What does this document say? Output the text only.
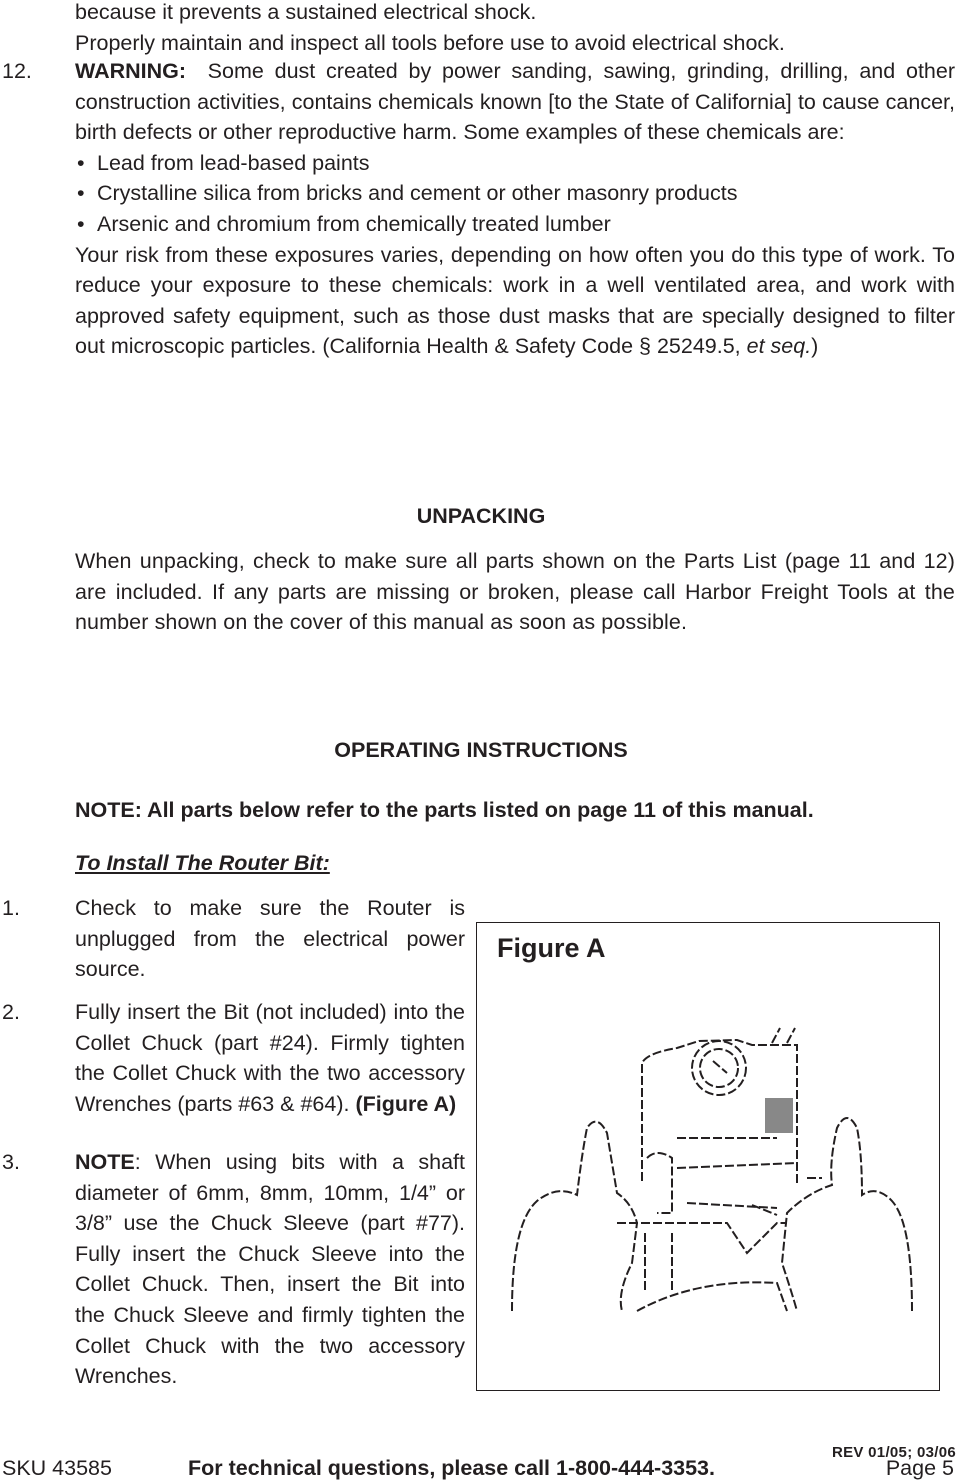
because it prevents a sustained electrical shock.
Properly maintain and inspect all tools before use to avoid electrical shock.
12. WARNING: Some dust created by power sanding, sawing, grinding, drilling, and other construction activities, contains chemicals known [to the State of California] to cause cancer, birth defects or other reproductive harm. Some examples of these chemicals are:
• Lead from lead-based paints
• Crystalline silica from bricks and cement or other masonry products
• Arsenic and chromium from chemically treated lumber
Your risk from these exposures varies, depending on how often you do this type of work. To reduce your exposure to these chemicals: work in a well ventilated area, and work with approved safety equipment, such as those dust masks that are specially designed to filter out microscopic particles. (California Health & Safety Code § 25249.5, et seq.)
UNPACKING
When unpacking, check to make sure all parts shown on the Parts List (page 11 and 12) are included. If any parts are missing or broken, please call Harbor Freight Tools at the number shown on the cover of this manual as soon as possible.
OPERATING INSTRUCTIONS
NOTE: All parts below refer to the parts listed on page 11 of this manual.
To Install The Router Bit:
1.	Check to make sure the Router is unplugged from the electrical power source.
2.	Fully insert the Bit (not included) into the Collet Chuck (part #24). Firmly tighten the Collet Chuck with the two accessory Wrenches (parts #63 & #64). (Figure A)
3.	NOTE: When using bits with a shaft diameter of 6mm, 8mm, 10mm, 1/4” or 3/8” use the Chuck Sleeve (part #77). Fully insert the Chuck Sleeve into the Collet Chuck. Then, insert the Bit into the Chuck Sleeve and firmly tighten the Collet Chuck with the two accessory Wrenches.
Figure A
REV 01/05; 03/06
SKU 43585	For technical questions, please call 1-800-444-3353.	Page 5
